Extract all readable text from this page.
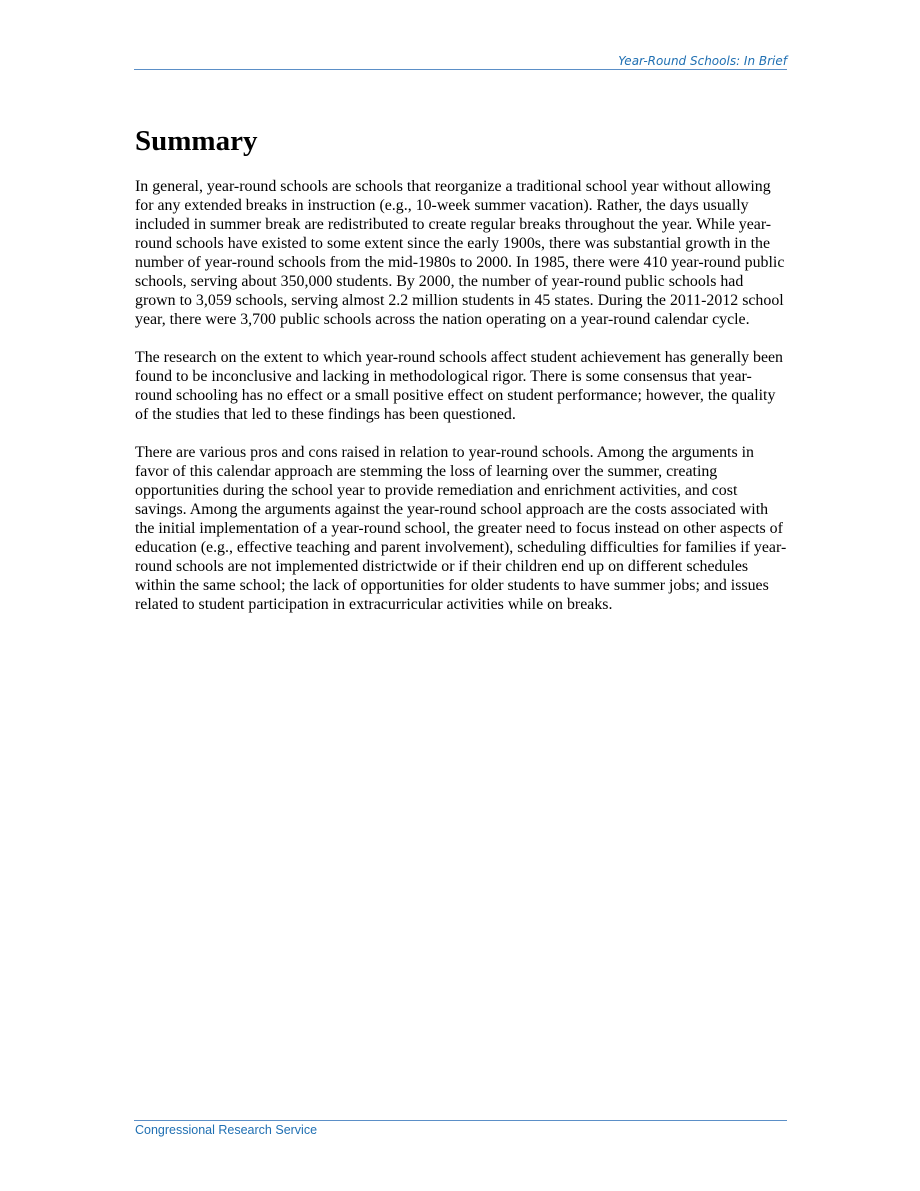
Year-Round Schools: In Brief
Summary

In general, year-round schools are schools that reorganize a traditional school year without allowing for any extended breaks in instruction (e.g., 10-week summer vacation). Rather, the days usually included in summer break are redistributed to create regular breaks throughout the year. While year-round schools have existed to some extent since the early 1900s, there was substantial growth in the number of year-round schools from the mid-1980s to 2000. In 1985, there were 410 year-round public schools, serving about 350,000 students. By 2000, the number of year-round public schools had grown to 3,059 schools, serving almost 2.2 million students in 45 states. During the 2011-2012 school year, there were 3,700 public schools across the nation operating on a year-round calendar cycle.

The research on the extent to which year-round schools affect student achievement has generally been found to be inconclusive and lacking in methodological rigor. There is some consensus that year-round schooling has no effect or a small positive effect on student performance; however, the quality of the studies that led to these findings has been questioned.

There are various pros and cons raised in relation to year-round schools. Among the arguments in favor of this calendar approach are stemming the loss of learning over the summer, creating opportunities during the school year to provide remediation and enrichment activities, and cost savings. Among the arguments against the year-round school approach are the costs associated with the initial implementation of a year-round school, the greater need to focus instead on other aspects of education (e.g., effective teaching and parent involvement), scheduling difficulties for families if year-round schools are not implemented districtwide or if their children end up on different schedules within the same school; the lack of opportunities for older students to have summer jobs; and issues related to student participation in extracurricular activities while on breaks.

Congressional Research Service
